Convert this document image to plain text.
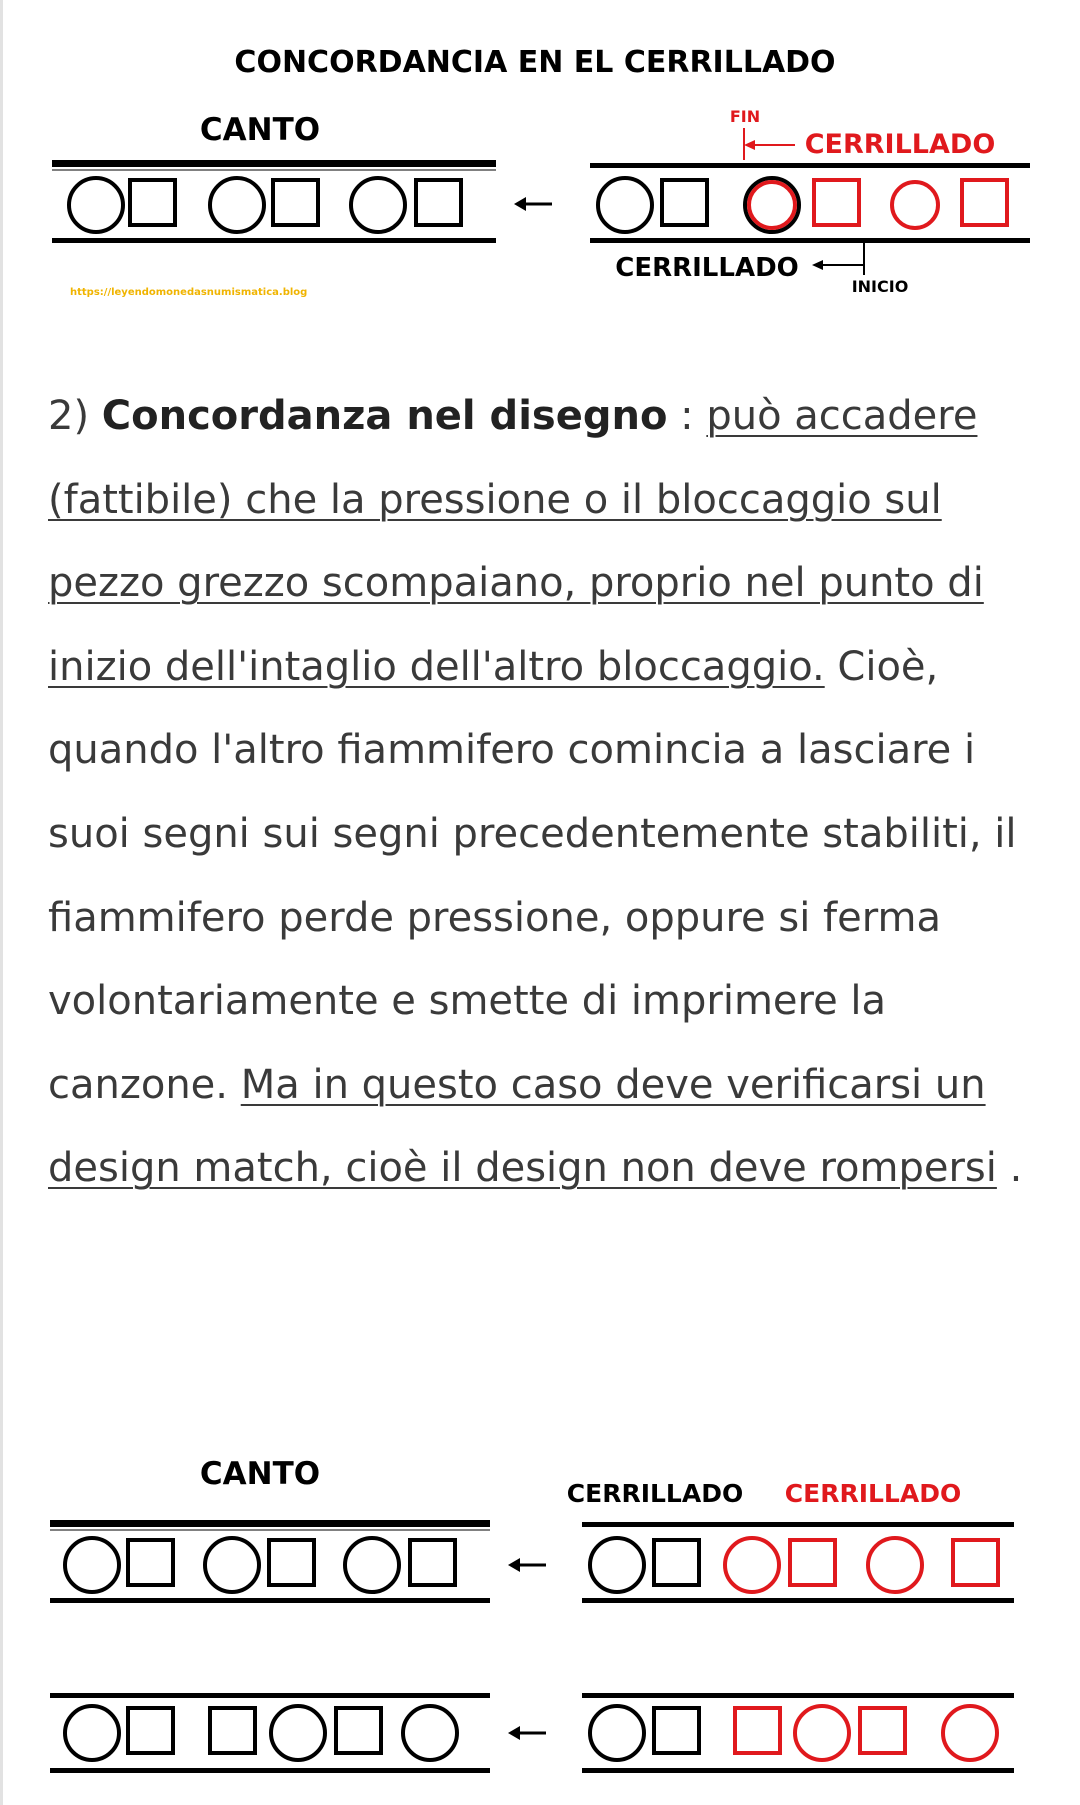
CONCORDANCIA EN EL CERRILLADO
CANTO	FIN
CERRILLADO
CERRILLADO
INICIO
https://leyendomonedasnumismatica.blog

2) Concordanza nel disegno : può accadere (fattibile) che la pressione o il bloccaggio sul pezzo grezzo scompaiano, proprio nel punto di inizio dell'intaglio dell'altro bloccaggio. Cioè, quando l'altro fiammifero comincia a lasciare i suoi segni sui segni precedentemente stabiliti, il fiammifero perde pressione, oppure si ferma volontariamente e smette di imprimere la canzone. Ma in questo caso deve verificarsi un design match, cioè il design non deve rompersi .

CANTO
CERRILLADO CERRILLADO
